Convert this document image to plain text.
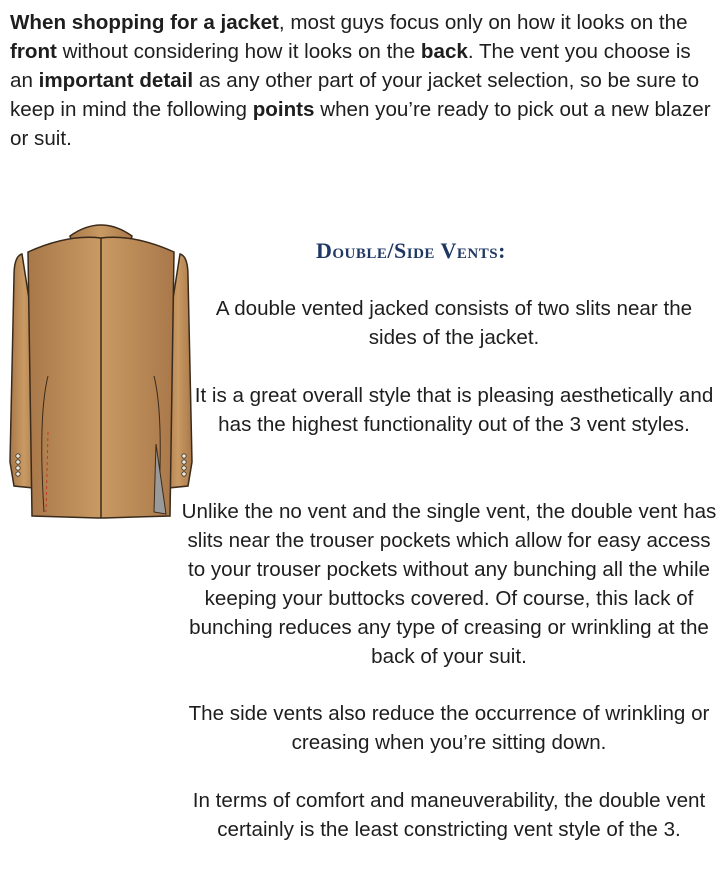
When shopping for a jacket, most guys focus only on how it looks on the front without considering how it looks on the back. The vent you choose is an important detail as any other part of your jacket selection, so be sure to keep in mind the following points when you’re ready to pick out a new blazer or suit.

Double/Side Vents:

A double vented jacked consists of two slits near the sides of the jacket.

It is a great overall style that is pleasing aesthetically and has the highest functionality out of the 3 vent styles.

Unlike the no vent and the single vent, the double vent has slits near the trouser pockets which allow for easy access to your trouser pockets without any bunching all the while keeping your buttocks covered. Of course, this lack of bunching reduces any type of creasing or wrinkling at the back of your suit.

The side vents also reduce the occurrence of wrinkling or creasing when you’re sitting down.

In terms of comfort and maneuverability, the double vent certainly is the least constricting vent style of the 3.
